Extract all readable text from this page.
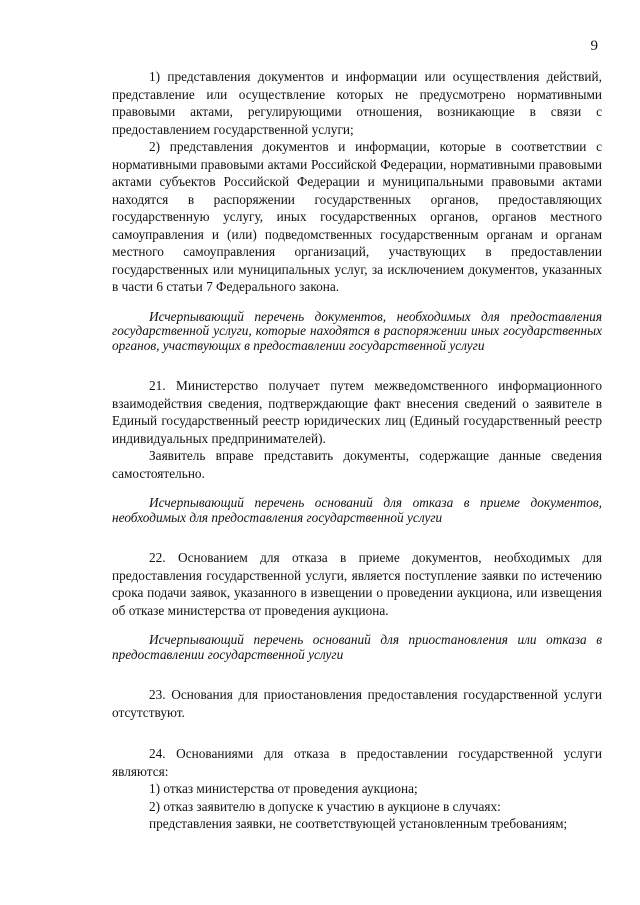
9

1) представления документов и информации или осуществления действий, представление или осуществление которых не предусмотрено нормативными правовыми актами, регулирующими отношения, возникающие в связи с предоставлением государственной услуги;

2) представления документов и информации, которые в соответствии с нормативными правовыми актами Российской Федерации, нормативными правовыми актами субъектов Российской Федерации и муниципальными правовыми актами находятся в распоряжении государственных органов, предоставляющих государственную услугу, иных государственных органов, органов местного самоуправления и (или) подведомственных государственным органам и органам местного самоуправления организаций, участвующих в предоставлении государственных или муниципальных услуг, за исключением документов, указанных в части 6 статьи 7 Федерального закона.

Исчерпывающий перечень документов, необходимых для предоставления государственной услуги, которые находятся в распоряжении иных государственных органов, участвующих в предоставлении государственной услуги

21. Министерство получает путем межведомственного информационного взаимодействия сведения, подтверждающие факт внесения сведений о заявителе в Единый государственный реестр юридических лиц (Единый государственный реестр индивидуальных предпринимателей).

Заявитель вправе представить документы, содержащие данные сведения самостоятельно.

Исчерпывающий перечень оснований для отказа в приеме документов, необходимых для предоставления государственной услуги

22. Основанием для отказа в приеме документов, необходимых для предоставления государственной услуги, является поступление заявки по истечению срока подачи заявок, указанного в извещении о проведении аукциона, или извещения об отказе министерства от проведения аукциона.

Исчерпывающий перечень оснований для приостановления или отказа в предоставлении государственной услуги

23. Основания для приостановления предоставления государственной услуги отсутствуют.

24. Основаниями для отказа в предоставлении государственной услуги являются:

1) отказ министерства от проведения аукциона;

2) отказ заявителю в допуске к участию в аукционе в случаях:

представления заявки, не соответствующей установленным требованиям;
